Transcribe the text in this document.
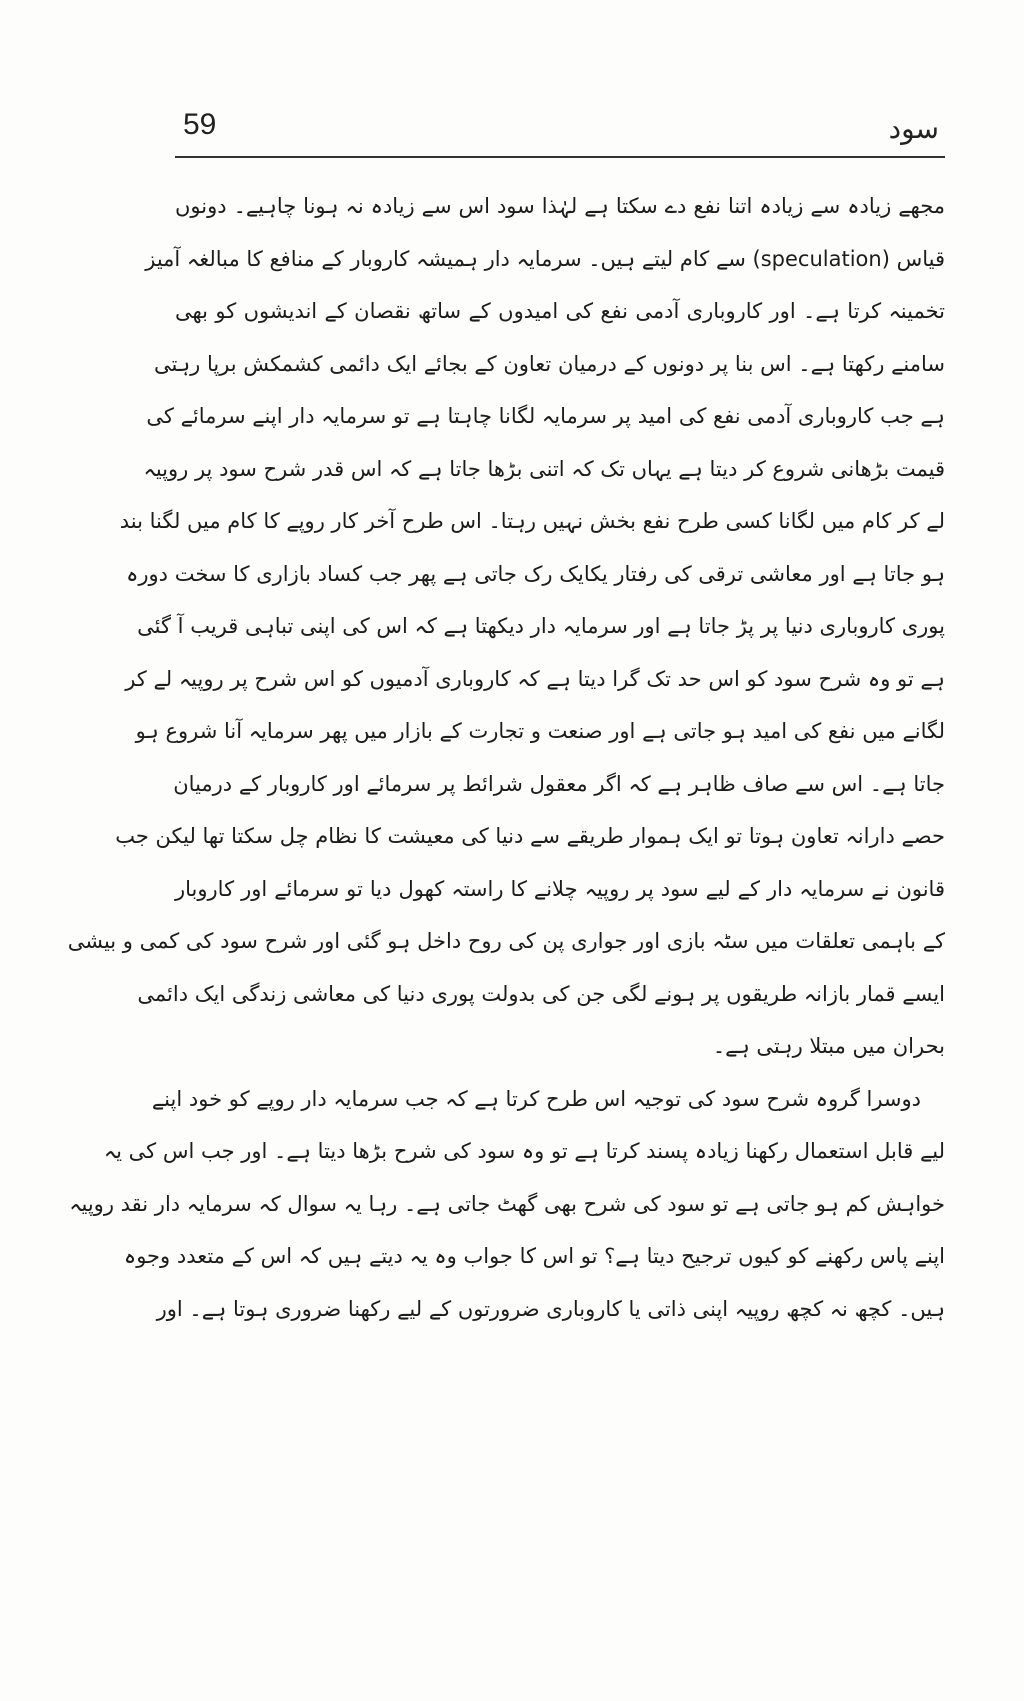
59	سود
مجھے زیادہ سے زیادہ اتنا نفع دے سکتا ہے لہٰذا سود اس سے زیادہ نہ ہونا چاہیے۔ دونوں
قیاس (speculation) سے کام لیتے ہیں۔ سرمایہ دار ہمیشہ کاروبار کے منافع کا مبالغہ آمیز
تخمینہ کرتا ہے۔ اور کاروباری آدمی نفع کی امیدوں کے ساتھ نقصان کے اندیشوں کو بھی
سامنے رکھتا ہے۔ اس بنا پر دونوں کے درمیان تعاون کے بجائے ایک دائمی کشمکش برپا رہتی
ہے جب کاروباری آدمی نفع کی امید پر سرمایہ لگانا چاہتا ہے تو سرمایہ دار اپنے سرمائے کی
قیمت بڑھانی شروع کر دیتا ہے یہاں تک کہ اتنی بڑھا جاتا ہے کہ اس قدر شرح سود پر روپیہ
لے کر کام میں لگانا کسی طرح نفع بخش نہیں رہتا۔ اس طرح آخر کار روپے کا کام میں لگنا بند
ہو جاتا ہے اور معاشی ترقی کی رفتار یکایک رک جاتی ہے پھر جب کساد بازاری کا سخت دورہ
پوری کاروباری دنیا پر پڑ جاتا ہے اور سرمایہ دار دیکھتا ہے کہ اس کی اپنی تباہی قریب آ گئی
ہے تو وہ شرح سود کو اس حد تک گرا دیتا ہے کہ کاروباری آدمیوں کو اس شرح پر روپیہ لے کر
لگانے میں نفع کی امید ہو جاتی ہے اور صنعت و تجارت کے بازار میں پھر سرمایہ آنا شروع ہو
جاتا ہے۔ اس سے صاف ظاہر ہے کہ اگر معقول شرائط پر سرمائے اور کاروبار کے درمیان
حصے دارانہ تعاون ہوتا تو ایک ہموار طریقے سے دنیا کی معیشت کا نظام چل سکتا تھا لیکن جب
قانون نے سرمایہ دار کے لیے سود پر روپیہ چلانے کا راستہ کھول دیا تو سرمائے اور کاروبار
کے باہمی تعلقات میں سٹہ بازی اور جواری پن کی روح داخل ہو گئی اور شرح سود کی کمی و بیشی
ایسے قمار بازانہ طریقوں پر ہونے لگی جن کی بدولت پوری دنیا کی معاشی زندگی ایک دائمی
بحران میں مبتلا رہتی ہے۔
دوسرا گروہ شرح سود کی توجیہ اس طرح کرتا ہے کہ جب سرمایہ دار روپے کو خود اپنے
لیے قابل استعمال رکھنا زیادہ پسند کرتا ہے تو وہ سود کی شرح بڑھا دیتا ہے۔ اور جب اس کی یہ
خواہش کم ہو جاتی ہے تو سود کی شرح بھی گھٹ جاتی ہے۔ رہا یہ سوال کہ سرمایہ دار نقد روپیہ
اپنے پاس رکھنے کو کیوں ترجیح دیتا ہے؟ تو اس کا جواب وہ یہ دیتے ہیں کہ اس کے متعدد وجوہ
ہیں۔ کچھ نہ کچھ روپیہ اپنی ذاتی یا کاروباری ضرورتوں کے لیے رکھنا ضروری ہوتا ہے۔ اور
